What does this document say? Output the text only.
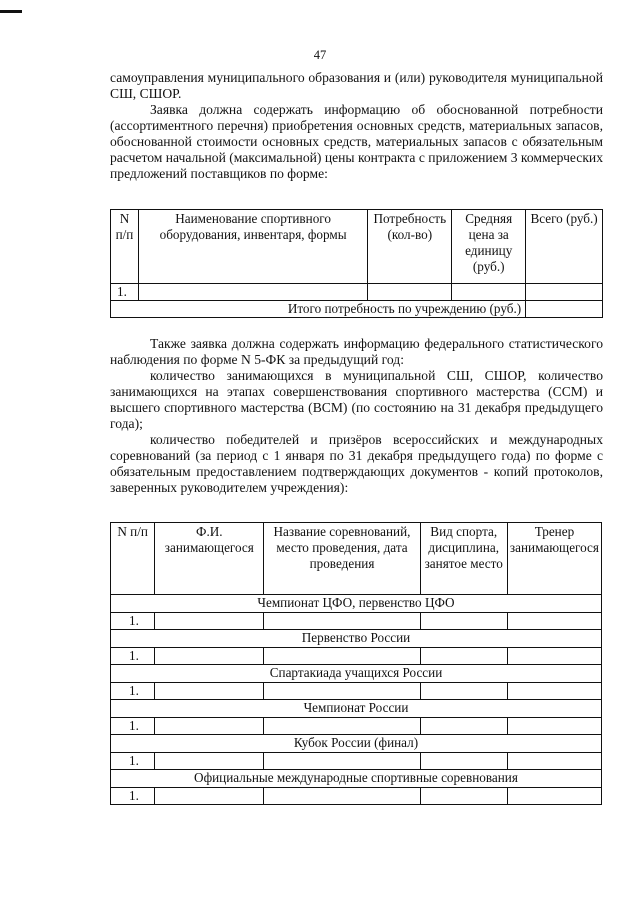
47

самоуправления муниципального образования и (или) руководителя муниципальной СШ, СШОР.

Заявка должна содержать информацию об обоснованной потребности (ассортиментного перечня) приобретения основных средств, материальных запасов, обоснованной стоимости основных средств, материальных запасов с обязательным расчетом начальной (максимальной) цены контракта с приложением 3 коммерческих предложений поставщиков по форме:

N п/п	Наименование спортивного оборудования, инвентаря, формы	Потребность (кол-во)	Средняя цена за единицу (руб.)	Всего (руб.)
1.				
Итого потребность по учреждению (руб.)				

Также заявка должна содержать информацию федерального статистического наблюдения по форме N 5-ФК за предыдущий год:

количество занимающихся в муниципальной СШ, СШОР, количество занимающихся на этапах совершенствования спортивного мастерства (ССМ) и высшего спортивного мастерства (ВСМ) (по состоянию на 31 декабря предыдущего года);

количество победителей и призёров всероссийских и международных соревнований (за период с 1 января по 31 декабря предыдущего года) по форме с обязательным предоставлением подтверждающих документов - копий протоколов, заверенных руководителем учреждения):

N п/п	Ф.И. занимающегося	Название соревнований, место проведения, дата проведения	Вид спорта, дисциплина, занятое место	Тренер занимающегося
Чемпионат ЦФО, первенство ЦФО				
1.				
Первенство России				
1.				
Спартакиада учащихся России				
1.				
Чемпионат России				
1.				
Кубок России (финал)				
1.				
Официальные международные спортивные соревнования				
1.				
